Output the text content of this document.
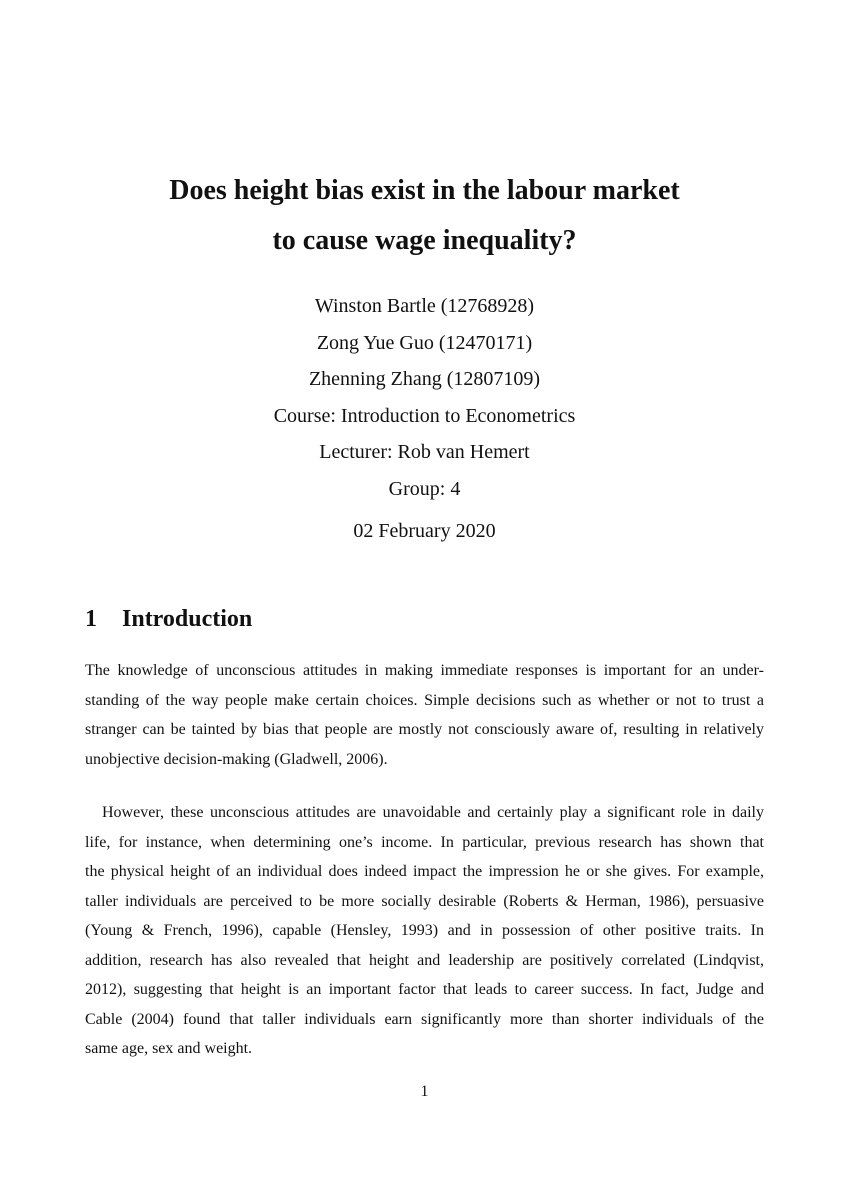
Does height bias exist in the labour market
to cause wage inequality?
Winston Bartle (12768928)
Zong Yue Guo (12470171)
Zhenning Zhang (12807109)
Course: Introduction to Econometrics
Lecturer: Rob van Hemert
Group: 4
02 February 2020
1 Introduction
The knowledge of unconscious attitudes in making immediate responses is important for an under-
standing of the way people make certain choices. Simple decisions such as whether or not to trust a
stranger can be tainted by bias that people are mostly not consciously aware of, resulting in relatively
unobjective decision-making (Gladwell, 2006).
However, these unconscious attitudes are unavoidable and certainly play a significant role in daily
life, for instance, when determining one’s income. In particular, previous research has shown that
the physical height of an individual does indeed impact the impression he or she gives. For example,
taller individuals are perceived to be more socially desirable (Roberts & Herman, 1986), persuasive
(Young & French, 1996), capable (Hensley, 1993) and in possession of other positive traits. In
addition, research has also revealed that height and leadership are positively correlated (Lindqvist,
2012), suggesting that height is an important factor that leads to career success. In fact, Judge and
Cable (2004) found that taller individuals earn significantly more than shorter individuals of the
same age, sex and weight.
1
